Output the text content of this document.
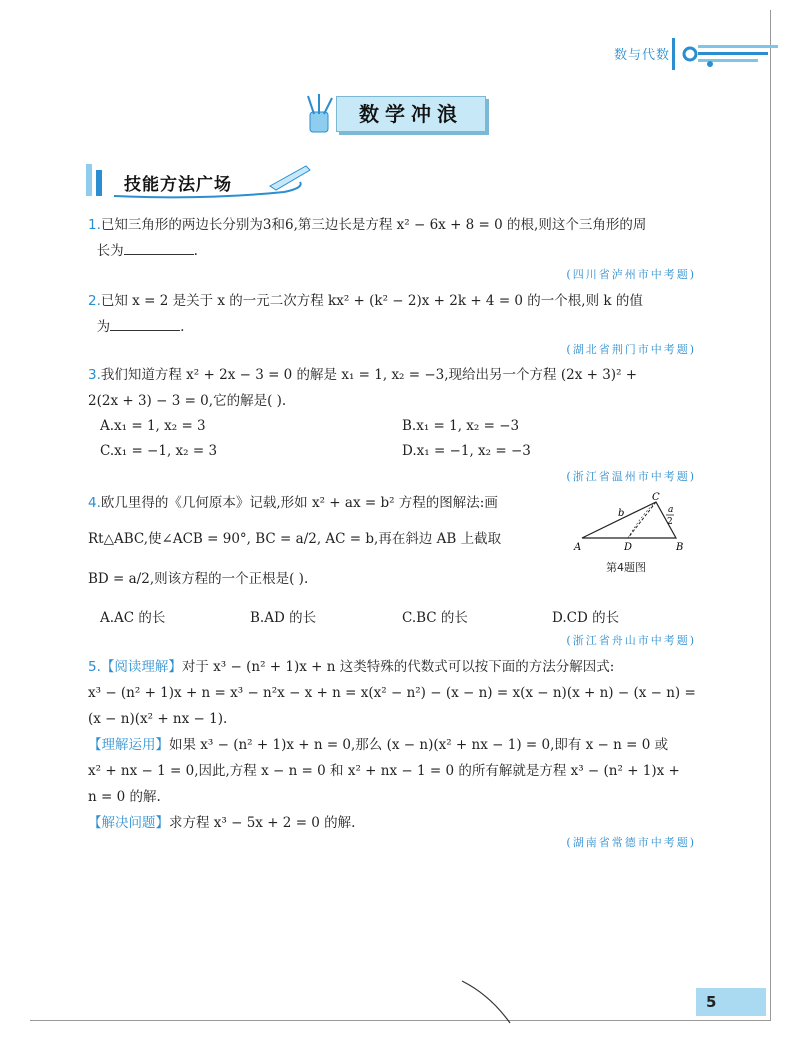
数与代数
数学冲浪
技能方法广场
1.已知三角形的两边长分别为3和6,第三边长是方程 x² − 6x + 8 = 0 的根,则这个三角形的周
长为	.
(四川省泸州市中考题)
2.已知 x = 2 是关于 x 的一元二次方程 kx² + (k² − 2)x + 2k + 4 = 0 的一个根,则 k 的值
为	.
(湖北省荆门市中考题)
3.我们知道方程 x² + 2x − 3 = 0 的解是 x₁ = 1, x₂ = −3,现给出另一个方程 (2x + 3)² +
2(2x + 3) − 3 = 0,它的解是( ).
A.x₁ = 1, x₂ = 3	B.x₁ = 1, x₂ = −3
C.x₁ = −1, x₂ = 3	D.x₁ = −1, x₂ = −3
(浙江省温州市中考题)
4.欧几里得的《几何原本》记载,形如 x² + ax = b² 方程的图解法:画
Rt△ABC,使∠ACB = 90°, BC = a/2, AC = b,再在斜边 AB 上截取
BD = a/2,则该方程的一个正根是( ).
A	B
C
D
b	a
2
第4题图
A.AC 的长	B.AD 的长	C.BC 的长	D.CD 的长
(浙江省舟山市中考题)
5.【阅读理解】对于 x³ − (n² + 1)x + n 这类特殊的代数式可以按下面的方法分解因式:
x³ − (n² + 1)x + n = x³ − n²x − x + n = x(x² − n²) − (x − n) = x(x − n)(x + n) − (x − n) =
(x − n)(x² + nx − 1).
【理解运用】如果 x³ − (n² + 1)x + n = 0,那么 (x − n)(x² + nx − 1) = 0,即有 x − n = 0 或
x² + nx − 1 = 0,因此,方程 x − n = 0 和 x² + nx − 1 = 0 的所有解就是方程 x³ − (n² + 1)x +
n = 0 的解.
【解决问题】求方程 x³ − 5x + 2 = 0 的解.
(湖南省常德市中考题)
5
